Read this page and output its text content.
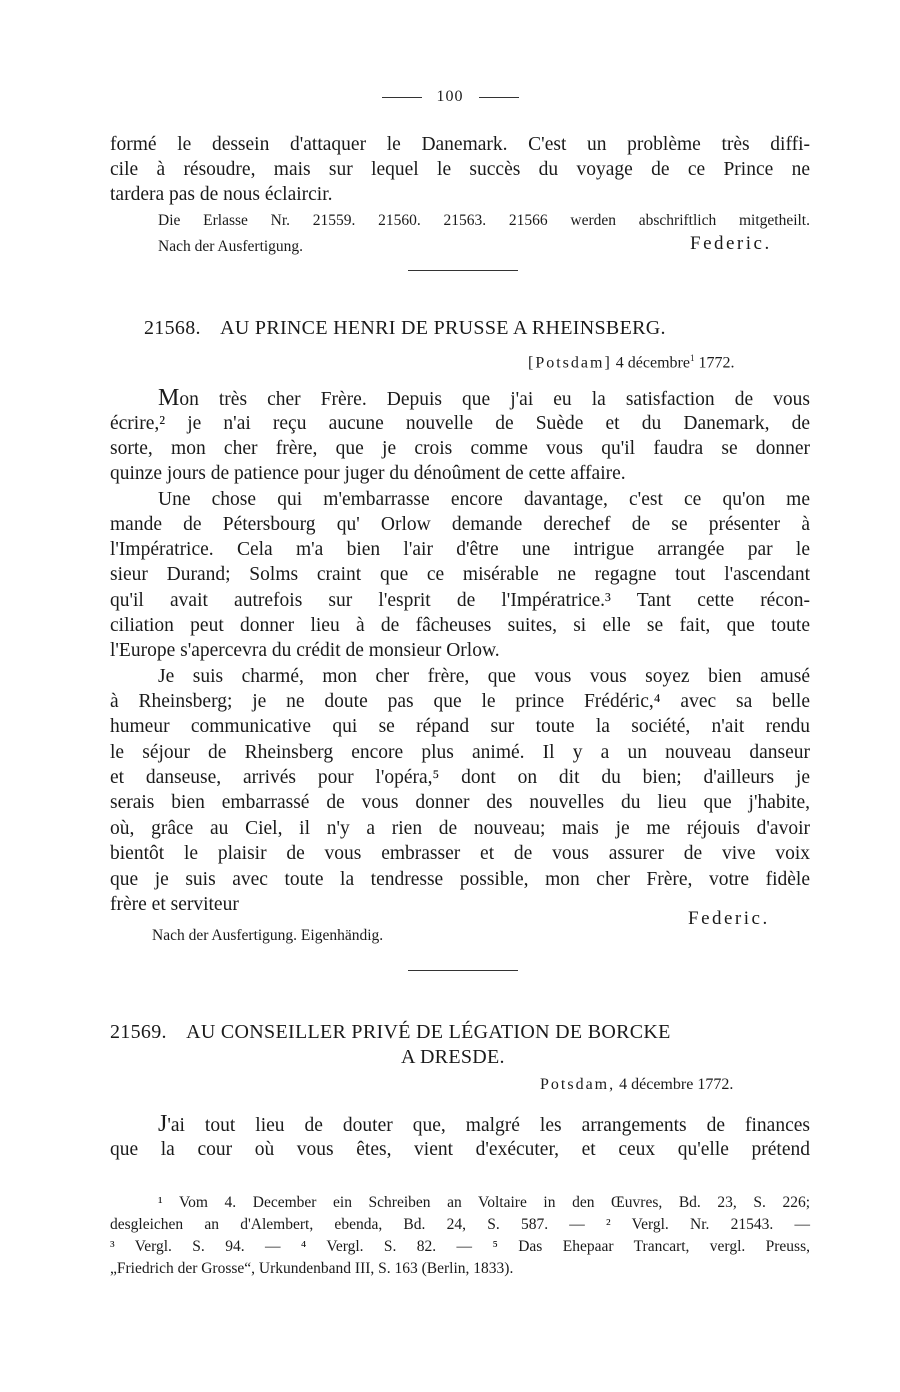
100
formé le dessein d'attaquer le Danemark. C'est un problème très diffi-
cile à résoudre, mais sur lequel le succès du voyage de ce Prince ne
tardera pas de nous éclaircir.
Die Erlasse Nr. 21559. 21560. 21563. 21566 werden abschriftlich mitgetheilt.
Nach der Ausfertigung.	Federic.
21568. AU PRINCE HENRI DE PRUSSE A RHEINSBERG.
[Potsdam] 4 décembre$^1$ 1772.
Mon très cher Frère. Depuis que j'ai eu la satisfaction de vous
écrire,² je n'ai reçu aucune nouvelle de Suède et du Danemark, de
sorte, mon cher frère, que je crois comme vous qu'il faudra se donner
quinze jours de patience pour juger du dénoûment de cette affaire.
Une chose qui m'embarrasse encore davantage, c'est ce qu'on me
mande de Pétersbourg qu' Orlow demande derechef de se présenter à
l'Impératrice. Cela m'a bien l'air d'être une intrigue arrangée par le
sieur Durand; Solms craint que ce misérable ne regagne tout l'ascendant
qu'il avait autrefois sur l'esprit de l'Impératrice.³ Tant cette récon-
ciliation peut donner lieu à de fâcheuses suites, si elle se fait, que toute
l'Europe s'apercevra du crédit de monsieur Orlow.
Je suis charmé, mon cher frère, que vous vous soyez bien amusé
à Rheinsberg; je ne doute pas que le prince Frédéric,⁴ avec sa belle
humeur communicative qui se répand sur toute la société, n'ait rendu
le séjour de Rheinsberg encore plus animé. Il y a un nouveau danseur
et danseuse, arrivés pour l'opéra,⁵ dont on dit du bien; d'ailleurs je
serais bien embarrassé de vous donner des nouvelles du lieu que j'habite,
où, grâce au Ciel, il n'y a rien de nouveau; mais je me réjouis d'avoir
bientôt le plaisir de vous embrasser et de vous assurer de vive voix
que je suis avec toute la tendresse possible, mon cher Frère, votre fidèle
frère et serviteur
Federic.
Nach der Ausfertigung. Eigenhändig.
21569. AU CONSEILLER PRIVÉ DE LÉGATION DE BORCKE
A DRESDE.
Potsdam, 4 décembre 1772.
J'ai tout lieu de douter que, malgré les arrangements de finances
que la cour où vous êtes, vient d'exécuter, et ceux qu'elle prétend
¹ Vom 4. December ein Schreiben an Voltaire in den Œuvres, Bd. 23, S. 226;
desgleichen an d'Alembert, ebenda, Bd. 24, S. 587. — ² Vergl. Nr. 21543. —
³ Vergl. S. 94. — ⁴ Vergl. S. 82. — ⁵ Das Ehepaar Trancart, vergl. Preuss,
„Friedrich der Grosse“, Urkundenband III, S. 163 (Berlin, 1833).
